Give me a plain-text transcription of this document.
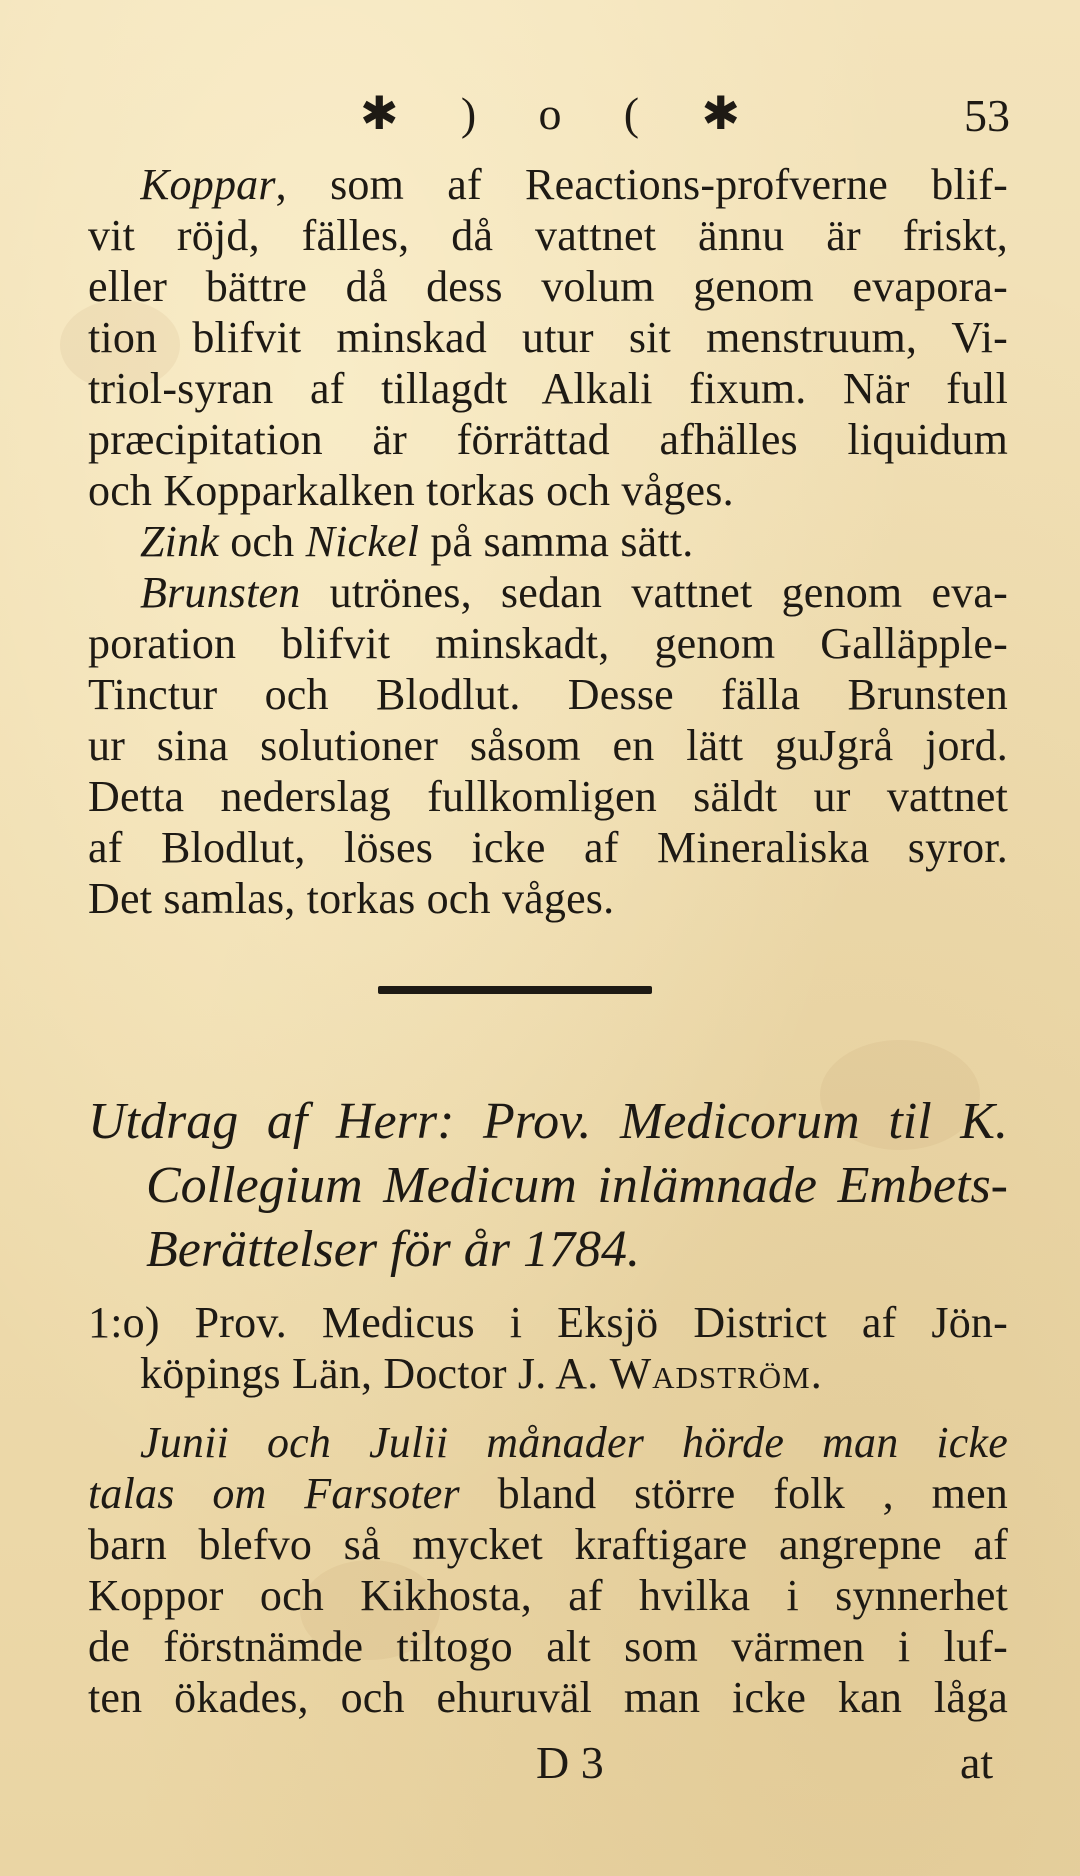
✱ ) o ( ✱	53
Koppar, som af Reactions-profverne blif-
vit röjd, fälles, då vattnet ännu är friskt,
eller bättre då dess volum genom evapora-
tion blifvit minskad utur sit menstruum, Vi-
triol-syran af tillagdt Alkali fixum. När full
præcipitation är förrättad afhälles liquidum
och Kopparkalken torkas och våges.
Zink och Nickel på samma sätt.
Brunsten utrönes, sedan vattnet genom eva-
poration blifvit minskadt, genom Galläpple-
Tinctur och Blodlut. Desse fälla Brunsten
ur sina solutioner såsom en lätt guJgrå jord.
Detta nederslag fullkomligen säldt ur vattnet
af Blodlut, löses icke af Mineraliska syror.
Det samlas, torkas och våges.
Utdrag af Herr: Prov. Medicorum til K.
Collegium Medicum inlämnade Embets-
Berättelser för år 1784.
1:o) Prov. Medicus i Eksjö District af Jön-
köpings Län, Doctor J. A. Wadström.
Junii och Julii månader hörde man icke
talas om Farsoter bland större folk , men
barn blefvo så mycket kraftigare angrepne af
Koppor och Kikhosta, af hvilka i synnerhet
de förstnämde tiltogo alt som värmen i luf-
ten ökades, och ehuruväl man icke kan låga
D 3	at
